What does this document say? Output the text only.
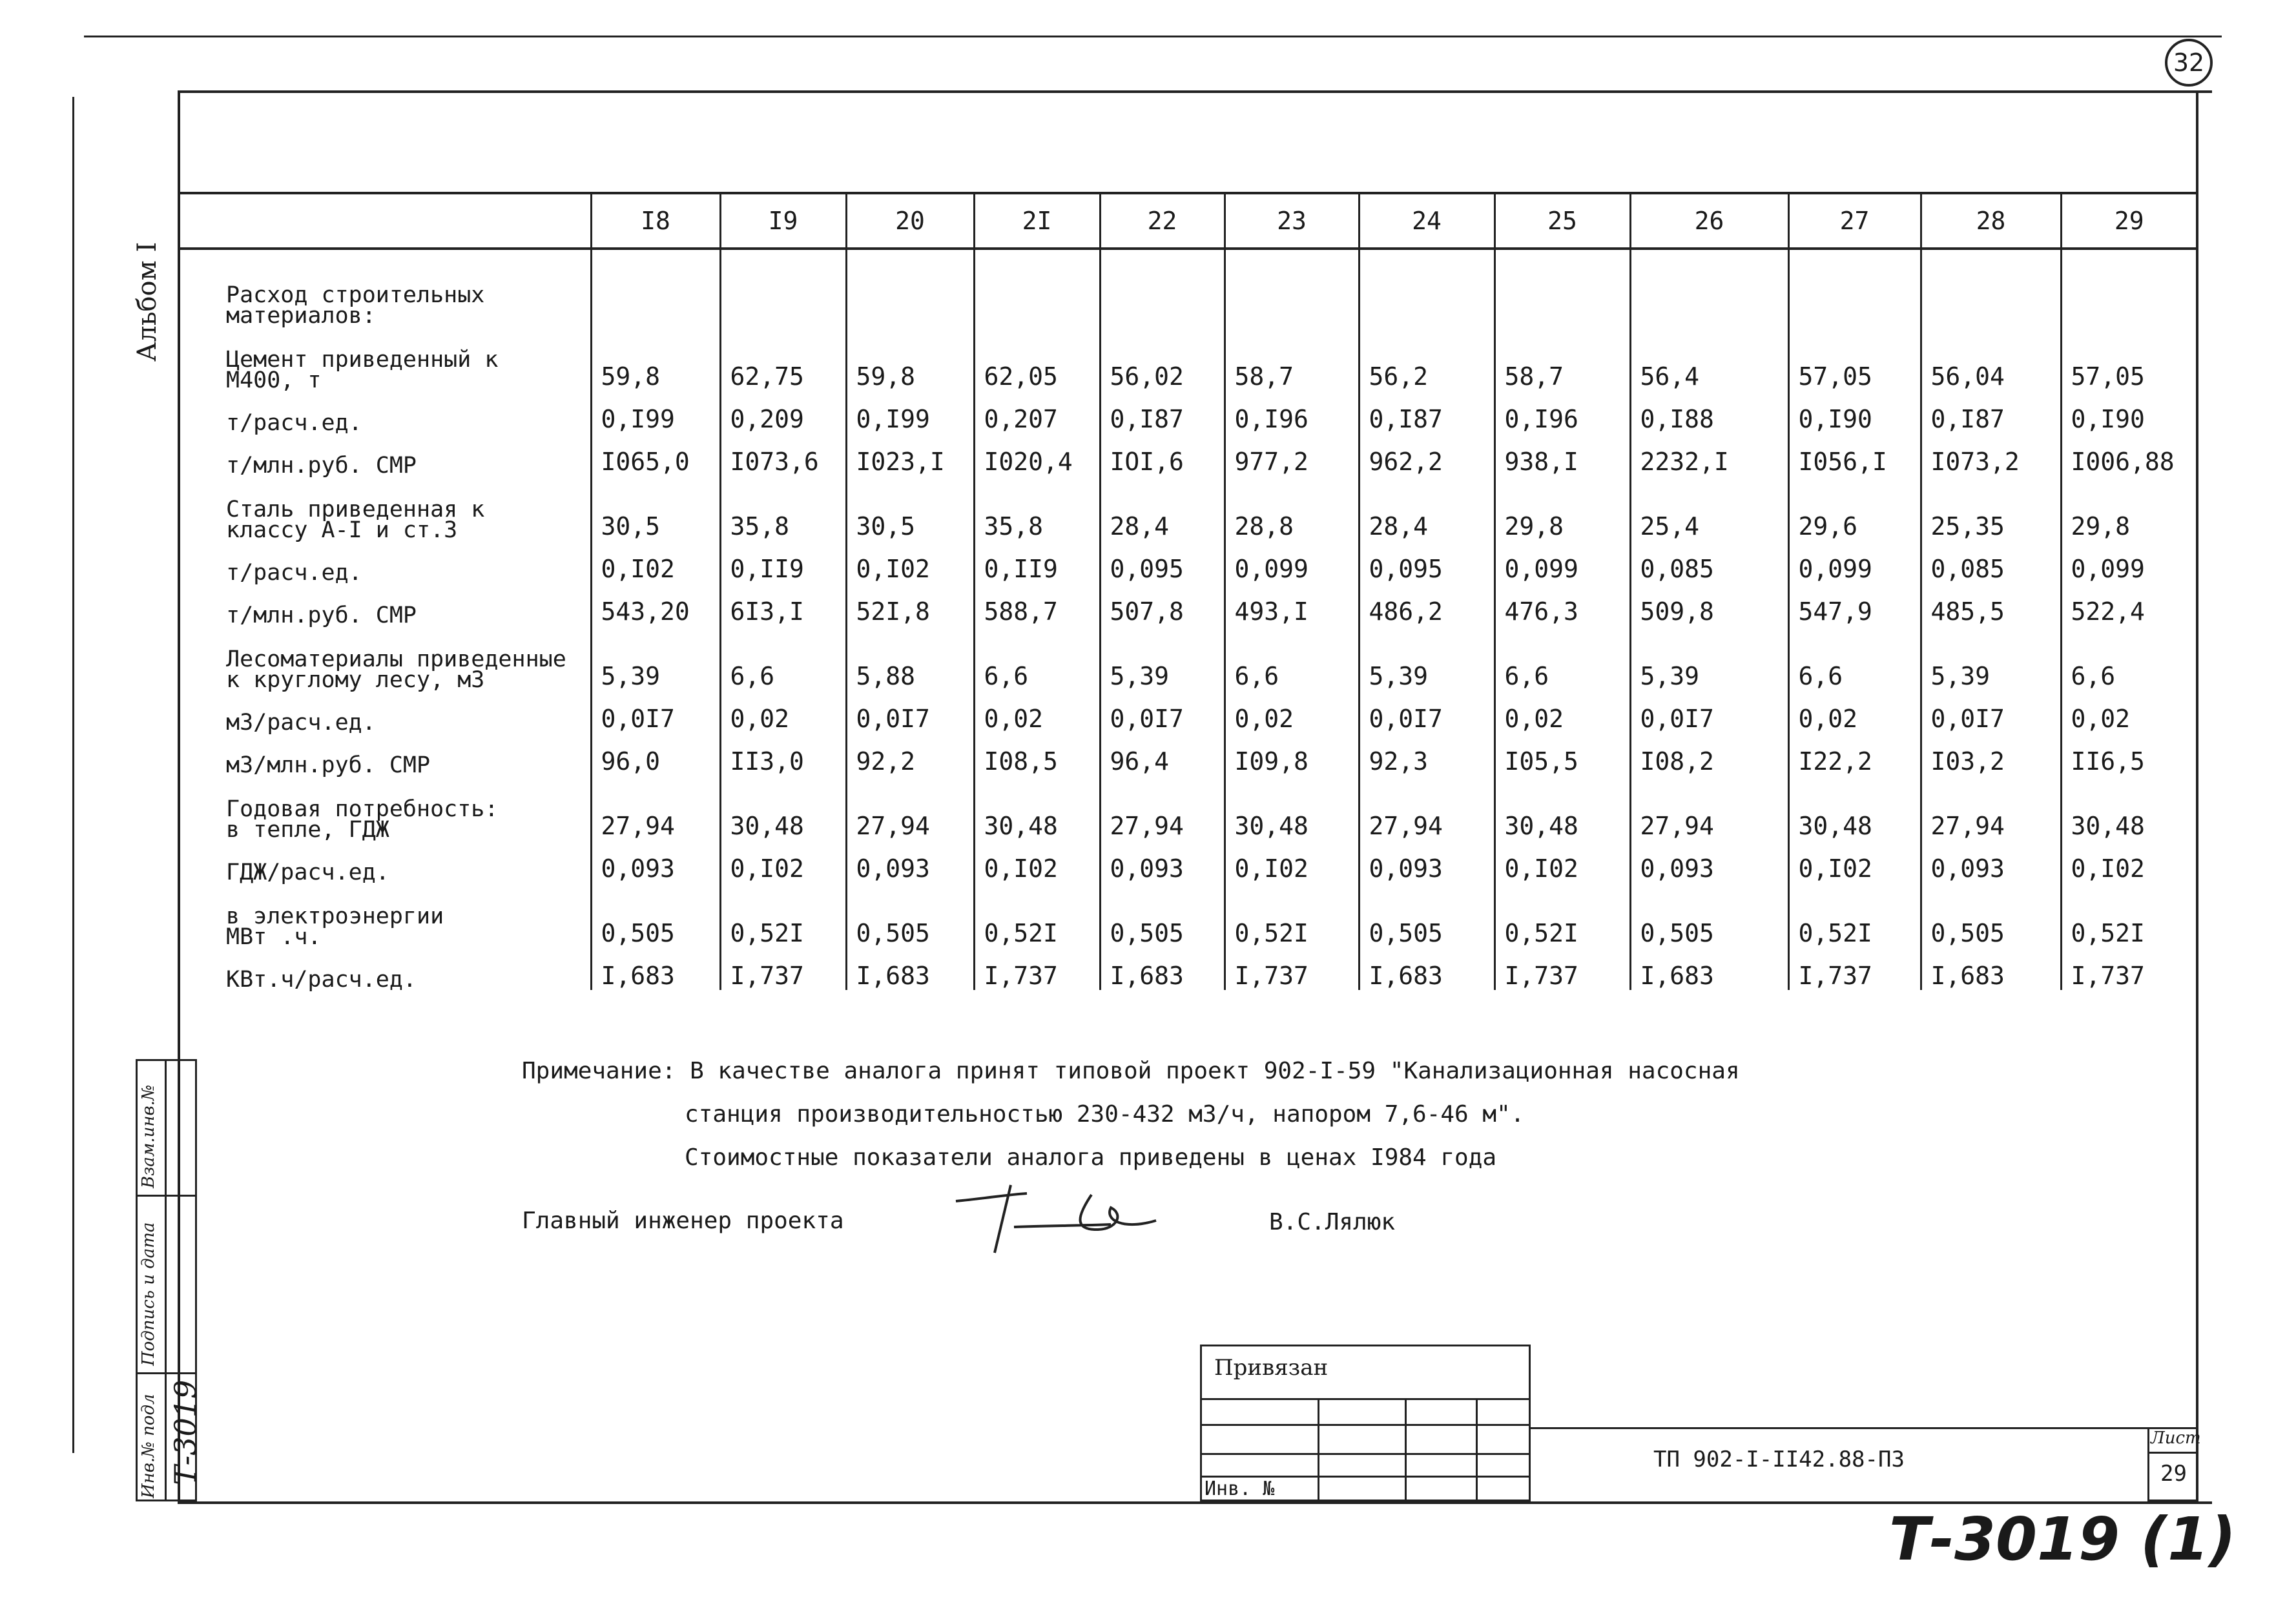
32
Альбом I
	I8	I9	20	2I	22	23	24	25	26	27	28	29
Расход строительных
материалов:												
Цемент приведенный к
М400, т	59,8	62,75	59,8	62,05	56,02	58,7	56,2	58,7	56,4	57,05	56,04	57,05
т/расч.ед.	0,I99	0,209	0,I99	0,207	0,I87	0,I96	0,I87	0,I96	0,I88	0,I90	0,I87	0,I90
т/млн.руб. СМР	I065,0	I073,6	I023,I	I020,4	IOI,6	977,2	962,2	938,I	2232,I	I056,I	I073,2	I006,88
Сталь приведенная к
классу А-I и ст.3	30,5	35,8	30,5	35,8	28,4	28,8	28,4	29,8	25,4	29,6	25,35	29,8
т/расч.ед.	0,I02	0,II9	0,I02	0,II9	0,095	0,099	0,095	0,099	0,085	0,099	0,085	0,099
т/млн.руб. СМР	543,20	6I3,I	52I,8	588,7	507,8	493,I	486,2	476,3	509,8	547,9	485,5	522,4
Лесоматериалы приведенные
к круглому лесу, м3	5,39	6,6	5,88	6,6	5,39	6,6	5,39	6,6	5,39	6,6	5,39	6,6
м3/расч.ед.	0,0I7	0,02	0,0I7	0,02	0,0I7	0,02	0,0I7	0,02	0,0I7	0,02	0,0I7	0,02
м3/млн.руб. СМР	96,0	II3,0	92,2	I08,5	96,4	I09,8	92,3	I05,5	I08,2	I22,2	I03,2	II6,5
Годовая потребность:
в тепле, ГДЖ	27,94	30,48	27,94	30,48	27,94	30,48	27,94	30,48	27,94	30,48	27,94	30,48
ГДЖ/расч.ед.	0,093	0,I02	0,093	0,I02	0,093	0,I02	0,093	0,I02	0,093	0,I02	0,093	0,I02
в электроэнергии
МВт .ч.	0,505	0,52I	0,505	0,52I	0,505	0,52I	0,505	0,52I	0,505	0,52I	0,505	0,52I
КВт.ч/расч.ед.	I,683	I,737	I,683	I,737	I,683	I,737	I,683	I,737	I,683	I,737	I,683	I,737
Примечание: В качестве аналога принят типовой проект 902-I-59 "Канализационная насосная
станция производительностью 230-432 м3/ч, напором 7,6-46 м".
Стоимостные показатели аналога приведены в ценах I984 года
Главный инженер проекта	В.С.Лялюк
Привязан
Инв. №
ТП 902-I-II42.88-ПЗ
Лист
29
Взам.инв.№
Подпись и дата
Инв.№ подл Т-3019
Т-3019 (1)
